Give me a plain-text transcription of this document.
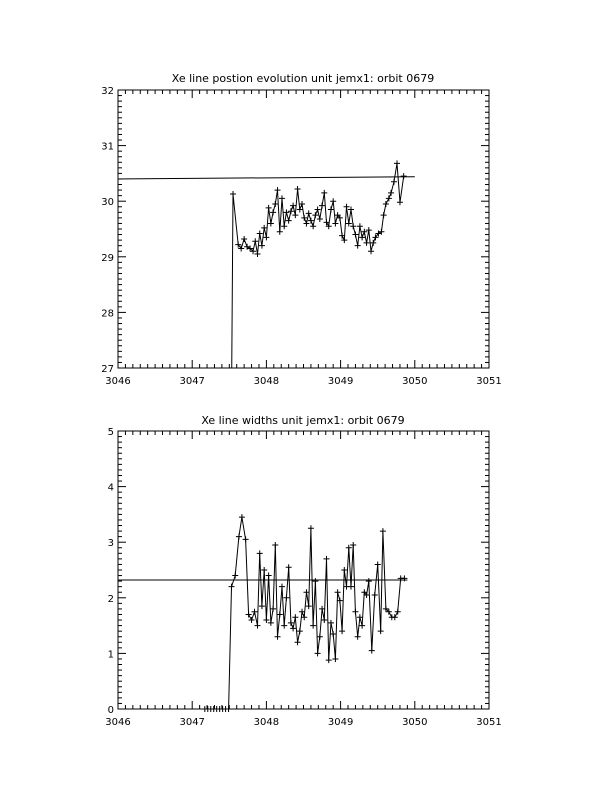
Xe line postion evolution unit jemx1: orbit 0679
3046	3047	3048	3049	3050	3051
27
28
29
30
31
32
Xe line widths unit jemx1: orbit 0679
3046	3047	3048	3049	3050	3051
0
1
2
3
4
5
